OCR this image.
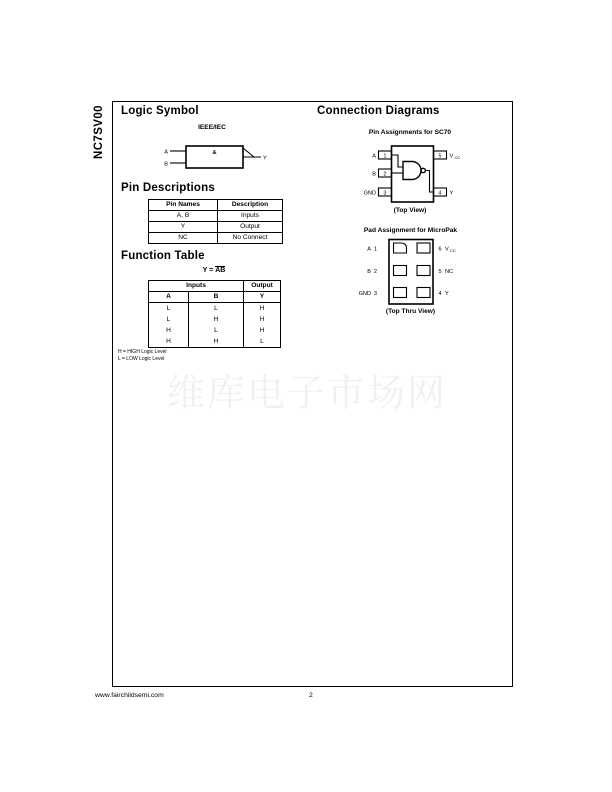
维库电子市场网
NC7SV00 Logic Symbol
IEEE/IEC
&
A
B
Y
Pin Descriptions
Pin Names	Description
A, B	Inputs
Y	Output
NC	No Connect
Function Table
Y = AB
Inputs		Output
A	B	Y
L	L	H
L	H	H
H	L	H
H	H	L
H = HIGH Logic Level
L = LOW Logic Level
Connection Diagrams
Pin Assignments for SC70
1
2
3
5
4
A
B
GND
V CC
Y
(Top View)
Pad Assignment for MicroPak
A 1
B 2
GND 3
6 V CC
5 NC
4 Y
(Top Thru View)
www.fairchildsemi.com	2
